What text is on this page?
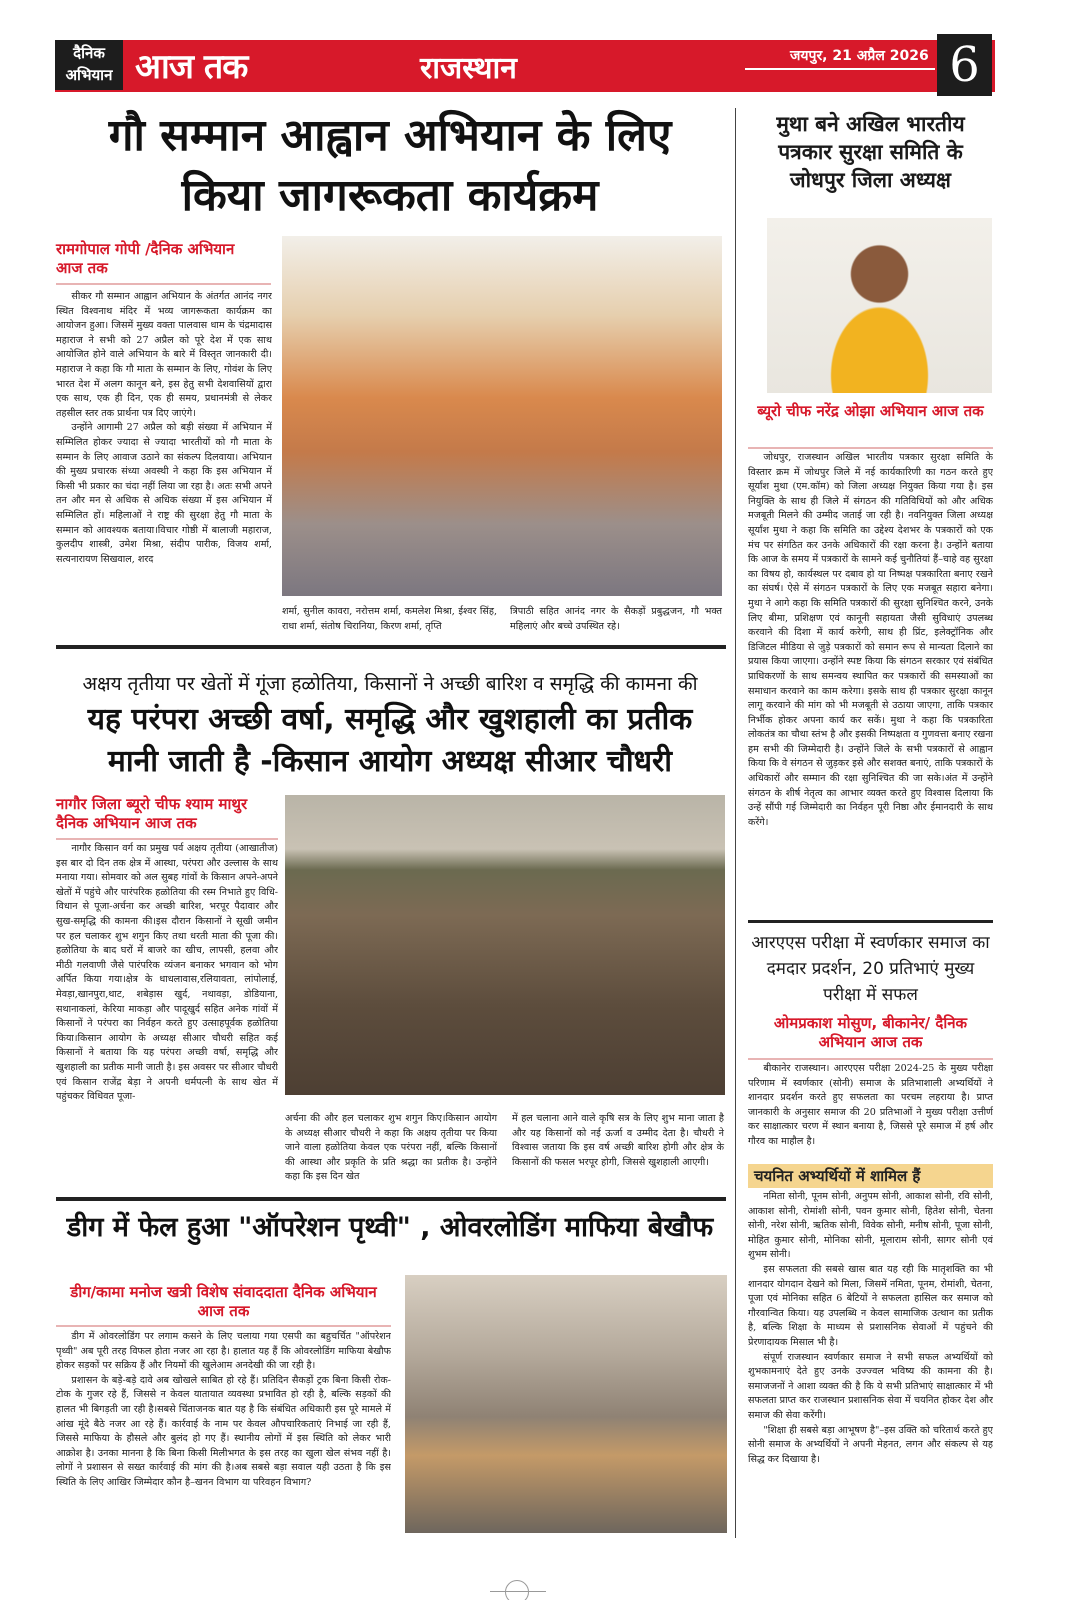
दैनिक अभियान आज तक	राजस्थान	जयपुर, 21 अप्रैल 2026 6
गौ सम्मान आह्वान अभियान के लिए
किया जागरूकता कार्यक्रम
रामगोपाल गोपी /दैनिक अभियान आज तक

सीकर गौ सम्मान आह्वान अभियान के अंतर्गत आनंद नगर स्थित विश्वनाथ मंदिर में भव्य जागरूकता कार्यक्रम का आयोजन हुआ। जिसमें मुख्य वक्ता पालवास धाम के चंद्रमादास महाराज ने सभी को 27 अप्रैल को पूरे देश में एक साथ आयोजित होने वाले अभियान के बारे में विस्तृत जानकारी दी। महाराज ने कहा कि गौ माता के सम्मान के लिए, गोवंश के लिए भारत देश में अलग कानून बने, इस हेतु सभी देशवासियों द्वारा एक साथ, एक ही दिन, एक ही समय, प्रधानमंत्री से लेकर तहसील स्तर तक प्रार्थना पत्र दिए जाएंगे।

उन्होंने आगामी 27 अप्रैल को बड़ी संख्या में अभियान में सम्मिलित होकर ज्यादा से ज्यादा भारतीयों को गौ माता के सम्मान के लिए आवाज उठाने का संकल्प दिलवाया। अभियान की मुख्य प्रचारक संध्या अवस्थी ने कहा कि इस अभियान में किसी भी प्रकार का चंदा नहीं लिया जा रहा है। अतः सभी अपने तन और मन से अधिक से अधिक संख्या में इस अभियान में सम्मिलित हों। महिलाओं ने राष्ट्र की सुरक्षा हेतु गौ माता के सम्मान को आवश्यक बताया।विचार गोष्ठी में बालाजी महाराज, कुलदीप शास्त्री, उमेश मिश्रा, संदीप पारीक, विजय शर्मा, सत्यनारायण सिखवाल, शरद

शर्मा, सुनील कावरा, नरोत्तम शर्मा, कमलेश मिश्रा, ईश्वर सिंह, राधा शर्मा, संतोष चिरानिया, किरण शर्मा, तृप्ति
त्रिपाठी सहित आनंद नगर के सैकड़ों प्रबुद्धजन, गौ भक्त महिलाएं और बच्चे उपस्थित रहे।
अक्षय तृतीया पर खेतों में गूंजा हळोतिया, किसानों ने अच्छी बारिश व समृद्धि की कामना की
यह परंपरा अच्छी वर्षा, समृद्धि और खुशहाली का प्रतीक
मानी जाती है -किसान आयोग अध्यक्ष सीआर चौधरी
नागौर जिला ब्यूरो चीफ श्याम माथुर दैनिक अभियान आज तक

नागौर किसान वर्ग का प्रमुख पर्व अक्षय तृतीया (आखातीज) इस बार दो दिन तक क्षेत्र में आस्था, परंपरा और उल्लास के साथ मनाया गया। सोमवार को अल सुबह गांवों के किसान अपने-अपने खेतों में पहुंचे और पारंपरिक हळोतिया की रस्म निभाते हुए विधि-विधान से पूजा-अर्चना कर अच्छी बारिश, भरपूर पैदावार और सुख-समृद्धि की कामना की।इस दौरान किसानों ने सूखी जमीन पर हल चलाकर शुभ शगुन किए तथा धरती माता की पूजा की। हळोतिया के बाद घरों में बाजरे का खीच, लापसी, हलवा और मीठी गलवाणी जैसे पारंपरिक व्यंजन बनाकर भगवान को भोग अर्पित किया गया।क्षेत्र के धाधलावास,रलियावता, लांपोलाई, मेवड़ा,खानपुरा,थाट, शबेड़ास खुर्द, नथावड़ा, डोडियाना, सथानाकलां, केरिया माकड़ा और पादूखुर्द सहित अनेक गांवों में किसानों ने परंपरा का निर्वहन करते हुए उत्साहपूर्वक हळोतिया किया।किसान आयोग के अध्यक्ष सीआर चौधरी सहित कई किसानों ने बताया कि यह परंपरा अच्छी वर्षा, समृद्धि और खुशहाली का प्रतीक मानी जाती है। इस अवसर पर सीआर चौधरी एवं किसान राजेंद्र बेड़ा ने अपनी धर्मपत्नी के साथ खेत में पहुंचकर विधिवत पूजा-

अर्चना की और हल चलाकर शुभ शगुन किए।किसान आयोग के अध्यक्ष सीआर चौधरी ने कहा कि अक्षय तृतीया पर किया जाने वाला हळोतिया केवल एक परंपरा नहीं, बल्कि किसानों की आस्था और प्रकृति के प्रति श्रद्धा का प्रतीक है। उन्होंने कहा कि इस दिन खेत
में हल चलाना आने वाले कृषि सत्र के लिए शुभ माना जाता है और यह किसानों को नई ऊर्जा व उम्मीद देता है। चौधरी ने विश्वास जताया कि इस वर्ष अच्छी बारिश होगी और क्षेत्र के किसानों की फसल भरपूर होगी, जिससे खुशहाली आएगी।
डीग में फेल हुआ "ऑपरेशन पृथ्वी" , ओवरलोडिंग माफिया बेखौफ
डीग/कामा मनोज खत्री विशेष संवाददाता दैनिक अभियान आज तक

डीग में ओवरलोडिंग पर लगाम कसने के लिए चलाया गया एसपी का बहुचर्चित "ऑपरेशन पृथ्वी" अब पूरी तरह विफल होता नजर आ रहा है। हालात यह हैं कि ओवरलोडिंग माफिया बेखौफ होकर सड़कों पर सक्रिय हैं और नियमों की खुलेआम अनदेखी की जा रही है।

प्रशासन के बड़े-बड़े दावे अब खोखले साबित हो रहे हैं। प्रतिदिन सैकड़ों ट्रक बिना किसी रोक-टोक के गुजर रहे हैं, जिससे न केवल यातायात व्यवस्था प्रभावित हो रही है, बल्कि सड़कों की हालत भी बिगड़ती जा रही है।सबसे चिंताजनक बात यह है कि संबंधित अधिकारी इस पूरे मामले में आंख मूंदे बैठे नजर आ रहे हैं। कार्रवाई के नाम पर केवल औपचारिकताएं निभाई जा रही हैं, जिससे माफिया के हौसले और बुलंद हो गए हैं। स्थानीय लोगों में इस स्थिति को लेकर भारी आक्रोश है। उनका मानना है कि बिना किसी मिलीभगत के इस तरह का खुला खेल संभव नहीं है। लोगों ने प्रशासन से सख्त कार्रवाई की मांग की है।अब सबसे बड़ा सवाल यही उठता है कि इस स्थिति के लिए आखिर जिम्मेदार कौन है–खनन विभाग या परिवहन विभाग?

मुथा बने अखिल भारतीय पत्रकार सुरक्षा समिति के जोधपुर जिला अध्यक्ष
ब्यूरो चीफ नरेंद्र ओझा अभियान आज तक

जोधपुर, राजस्थान अखिल भारतीय पत्रकार सुरक्षा समिति के विस्तार क्रम में जोधपुर जिले में नई कार्यकारिणी का गठन करते हुए सूर्यांश मुथा (एम.कॉम) को जिला अध्यक्ष नियुक्त किया गया है। इस नियुक्ति के साथ ही जिले में संगठन की गतिविधियों को और अधिक मजबूती मिलने की उम्मीद जताई जा रही है। नवनियुक्त जिला अध्यक्ष सूर्यांश मुथा ने कहा कि समिति का उद्देश्य देशभर के पत्रकारों को एक मंच पर संगठित कर उनके अधिकारों की रक्षा करना है। उन्होंने बताया कि आज के समय में पत्रकारों के सामने कई चुनौतियां हैं–चाहे वह सुरक्षा का विषय हो, कार्यस्थल पर दबाव हो या निष्पक्ष पत्रकारिता बनाए रखने का संघर्ष। ऐसे में संगठन पत्रकारों के लिए एक मजबूत सहारा बनेगा।मुथा ने आगे कहा कि समिति पत्रकारों की सुरक्षा सुनिश्चित करने, उनके लिए बीमा, प्रशिक्षण एवं कानूनी सहायता जैसी सुविधाएं उपलब्ध करवाने की दिशा में कार्य करेगी, साथ ही प्रिंट, इलेक्ट्रॉनिक और डिजिटल मीडिया से जुड़े पत्रकारों को समान रूप से मान्यता दिलाने का प्रयास किया जाएगा। उन्होंने स्पष्ट किया कि संगठन सरकार एवं संबंधित प्राधिकरणों के साथ समन्वय स्थापित कर पत्रकारों की समस्याओं का समाधान करवाने का काम करेगा। इसके साथ ही पत्रकार सुरक्षा कानून लागू करवाने की मांग को भी मजबूती से उठाया जाएगा, ताकि पत्रकार निर्भीक होकर अपना कार्य कर सकें। मुथा ने कहा कि पत्रकारिता लोकतंत्र का चौथा स्तंभ है और इसकी निष्पक्षता व गुणवत्ता बनाए रखना हम सभी की जिम्मेदारी है। उन्होंने जिले के सभी पत्रकारों से आह्वान किया कि वे संगठन से जुड़कर इसे और सशक्त बनाएं, ताकि पत्रकारों के अधिकारों और सम्मान की रक्षा सुनिश्चित की जा सके।अंत में उन्होंने संगठन के शीर्ष नेतृत्व का आभार व्यक्त करते हुए विश्वास दिलाया कि उन्हें सौंपी गई जिम्मेदारी का निर्वहन पूरी निष्ठा और ईमानदारी के साथ करेंगे।

आरएएस परीक्षा में स्वर्णकार समाज का दमदार प्रदर्शन, 20 प्रतिभाएं मुख्य परीक्षा में सफल
ओमप्रकाश मोसुण, बीकानेर/ दैनिक अभियान आज तक

बीकानेर राजस्थान। आरएएस परीक्षा 2024-25 के मुख्य परीक्षा परिणाम में स्वर्णकार (सोनी) समाज के प्रतिभाशाली अभ्यर्थियों ने शानदार प्रदर्शन करते हुए सफलता का परचम लहराया है। प्राप्त जानकारी के अनुसार समाज की 20 प्रतिभाओं ने मुख्य परीक्षा उत्तीर्ण कर साक्षात्कार चरण में स्थान बनाया है, जिससे पूरे समाज में हर्ष और गौरव का माहौल है।

चयनित अभ्यर्थियों में शामिल हैं

नमिता सोनी, पूनम सोनी, अनुपम सोनी, आकाश सोनी, रवि सोनी, आकाश सोनी, रोमांशी सोनी, पवन कुमार सोनी, हितेश सोनी, चेतना सोनी, नरेश सोनी, ऋतिक सोनी, विवेक सोनी, मनीष सोनी, पूजा सोनी, मोहित कुमार सोनी, मोनिका सोनी, मूलाराम सोनी, सागर सोनी एवं शुभम सोनी।

इस सफलता की सबसे खास बात यह रही कि मातृशक्ति का भी शानदार योगदान देखने को मिला, जिसमें नमिता, पूनम, रोमांशी, चेतना, पूजा एवं मोनिका सहित 6 बेटियों ने सफलता हासिल कर समाज को गौरवान्वित किया। यह उपलब्धि न केवल सामाजिक उत्थान का प्रतीक है, बल्कि शिक्षा के माध्यम से प्रशासनिक सेवाओं में पहुंचने की प्रेरणादायक मिसाल भी है।

संपूर्ण राजस्थान स्वर्णकार समाज ने सभी सफल अभ्यर्थियों को शुभकामनाएं देते हुए उनके उज्ज्वल भविष्य की कामना की है। समाजजनों ने आशा व्यक्त की है कि ये सभी प्रतिभाएं साक्षात्कार में भी सफलता प्राप्त कर राजस्थान प्रशासनिक सेवा में चयनित होकर देश और समाज की सेवा करेंगी।

"शिक्षा ही सबसे बड़ा आभूषण है"–इस उक्ति को चरितार्थ करते हुए सोनी समाज के अभ्यर्थियों ने अपनी मेहनत, लगन और संकल्प से यह सिद्ध कर दिखाया है।
